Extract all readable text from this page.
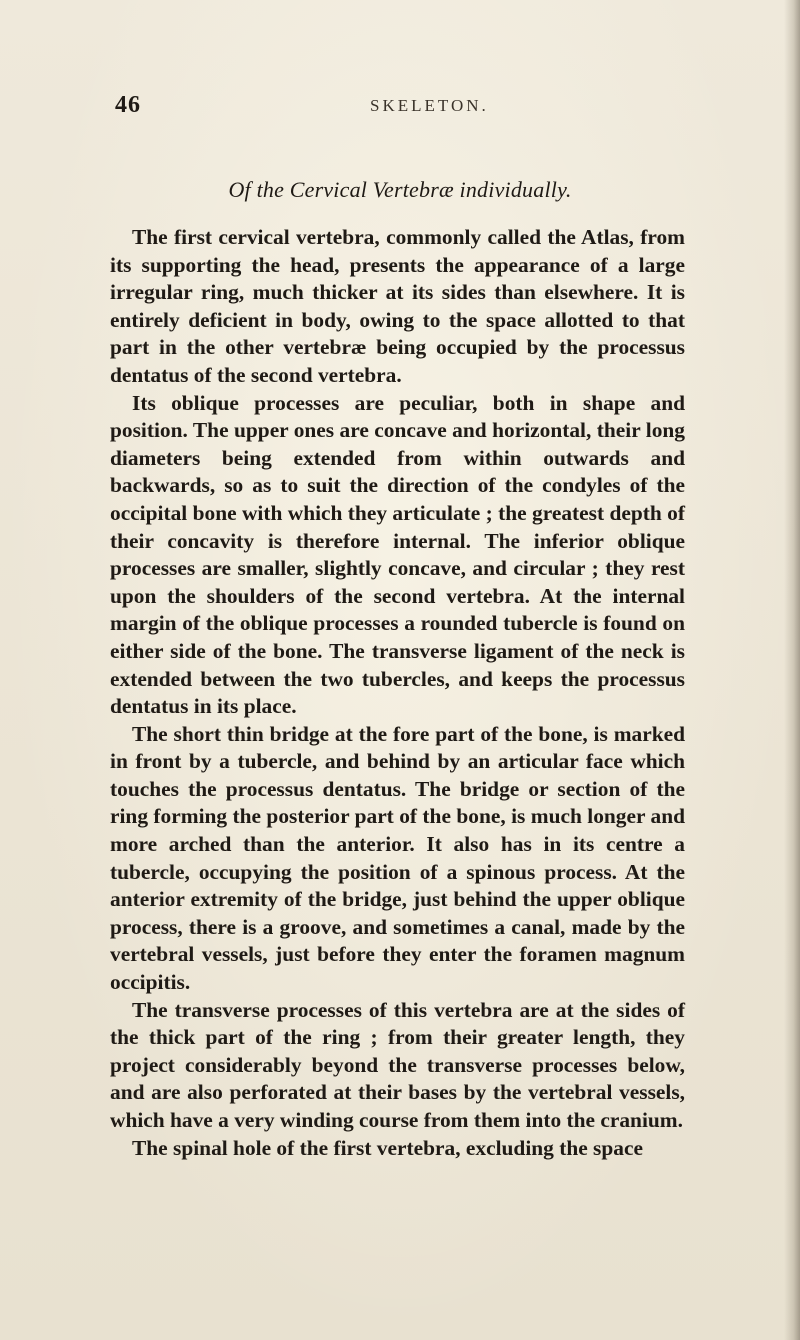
46	SKELETON.
Of the Cervical Vertebræ individually.

The first cervical vertebra, commonly called the Atlas, from its supporting the head, presents the appearance of a large irregular ring, much thicker at its sides than elsewhere. It is entirely deficient in body, owing to the space allotted to that part in the other vertebræ being occupied by the processus dentatus of the second vertebra.

Its oblique processes are peculiar, both in shape and position. The upper ones are concave and horizontal, their long diameters being extended from within outwards and backwards, so as to suit the direction of the condyles of the occipital bone with which they articulate ; the greatest depth of their concavity is therefore internal. The inferior oblique processes are smaller, slightly concave, and circular ; they rest upon the shoulders of the second vertebra. At the internal margin of the oblique processes a rounded tubercle is found on either side of the bone. The transverse ligament of the neck is extended between the two tubercles, and keeps the processus dentatus in its place.

The short thin bridge at the fore part of the bone, is marked in front by a tubercle, and behind by an articular face which touches the processus dentatus. The bridge or section of the ring forming the posterior part of the bone, is much longer and more arched than the anterior. It also has in its centre a tubercle, occupying the position of a spinous process. At the anterior extremity of the bridge, just behind the upper oblique process, there is a groove, and sometimes a canal, made by the vertebral vessels, just before they enter the foramen magnum occipitis.

The transverse processes of this vertebra are at the sides of the thick part of the ring ; from their greater length, they project considerably beyond the transverse processes below, and are also perforated at their bases by the vertebral vessels, which have a very winding course from them into the cranium.

The spinal hole of the first vertebra, excluding the space
